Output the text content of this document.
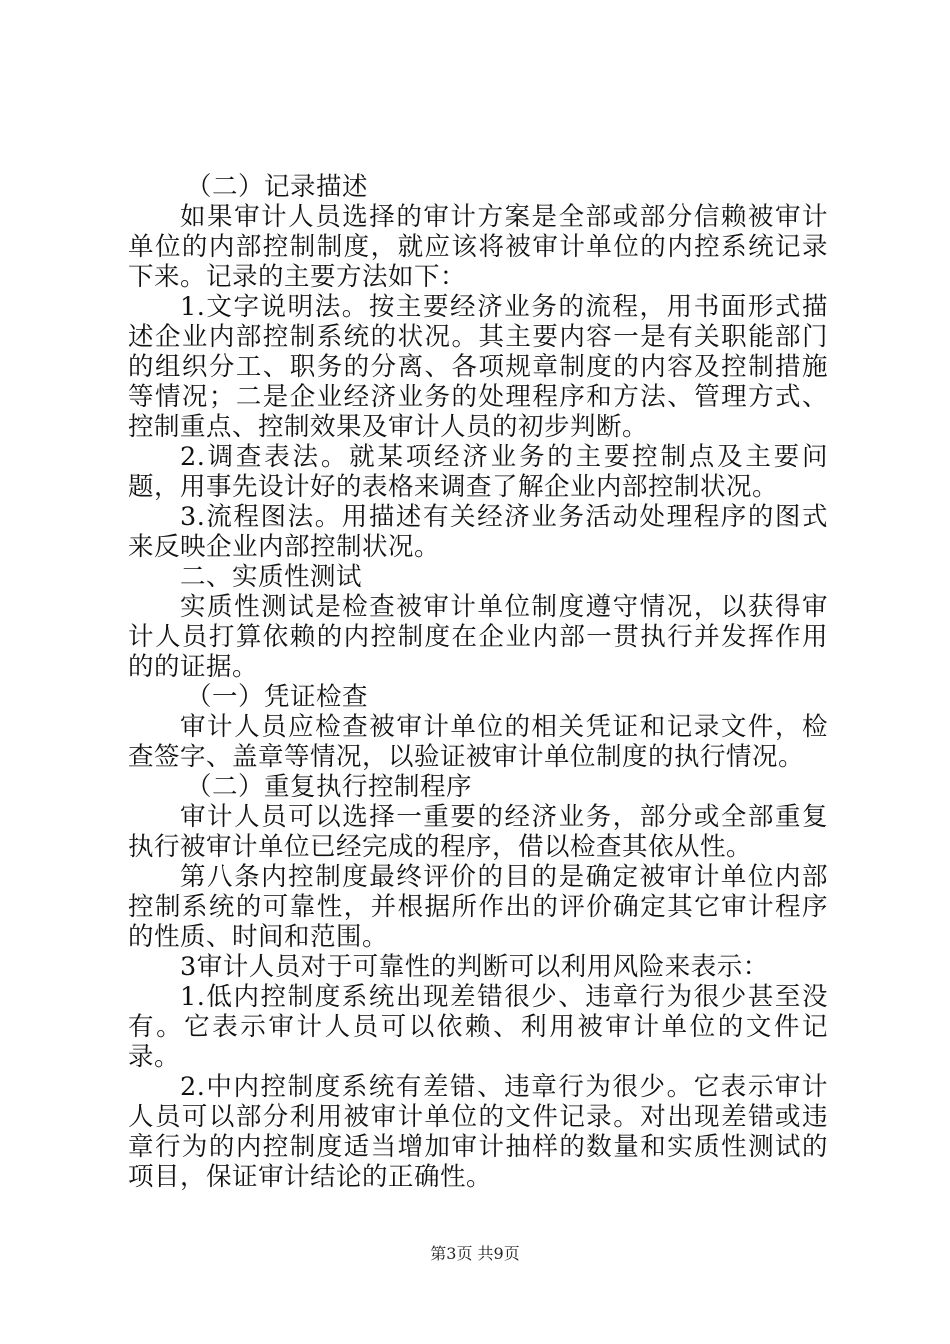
（二）记录描述

如果审计人员选择的审计方案是全部或部分信赖被审计单位的内部控制制度，就应该将被审计单位的内控系统记录下来。记录的主要方法如下：

1.文字说明法。按主要经济业务的流程，用书面形式描述企业内部控制系统的状况。其主要内容一是有关职能部门的组织分工、职务的分离、各项规章制度的内容及控制措施等情况；二是企业经济业务的处理程序和方法、管理方式、控制重点、控制效果及审计人员的初步判断。

2.调查表法。就某项经济业务的主要控制点及主要问题，用事先设计好的表格来调查了解企业内部控制状况。

3.流程图法。用描述有关经济业务活动处理程序的图式来反映企业内部控制状况。

二、实质性测试

实质性测试是检查被审计单位制度遵守情况，以获得审计人员打算依赖的内控制度在企业内部一贯执行并发挥作用的的证据。

（一）凭证检查

审计人员应检查被审计单位的相关凭证和记录文件，检查签字、盖章等情况，以验证被审计单位制度的执行情况。

（二）重复执行控制程序

审计人员可以选择一重要的经济业务，部分或全部重复执行被审计单位已经完成的程序，借以检查其依从性。

第八条内控制度最终评价的目的是确定被审计单位内部控制系统的可靠性，并根据所作出的评价确定其它审计程序的性质、时间和范围。

3审计人员对于可靠性的判断可以利用风险来表示：

1.低内控制度系统出现差错很少、违章行为很少甚至没有。它表示审计人员可以依赖、利用被审计单位的文件记录。

2.中内控制度系统有差错、违章行为很少。它表示审计人员可以部分利用被审计单位的文件记录。对出现差错或违章行为的内控制度适当增加审计抽样的数量和实质性测试的项目，保证审计结论的正确性。

第3页 共9页
